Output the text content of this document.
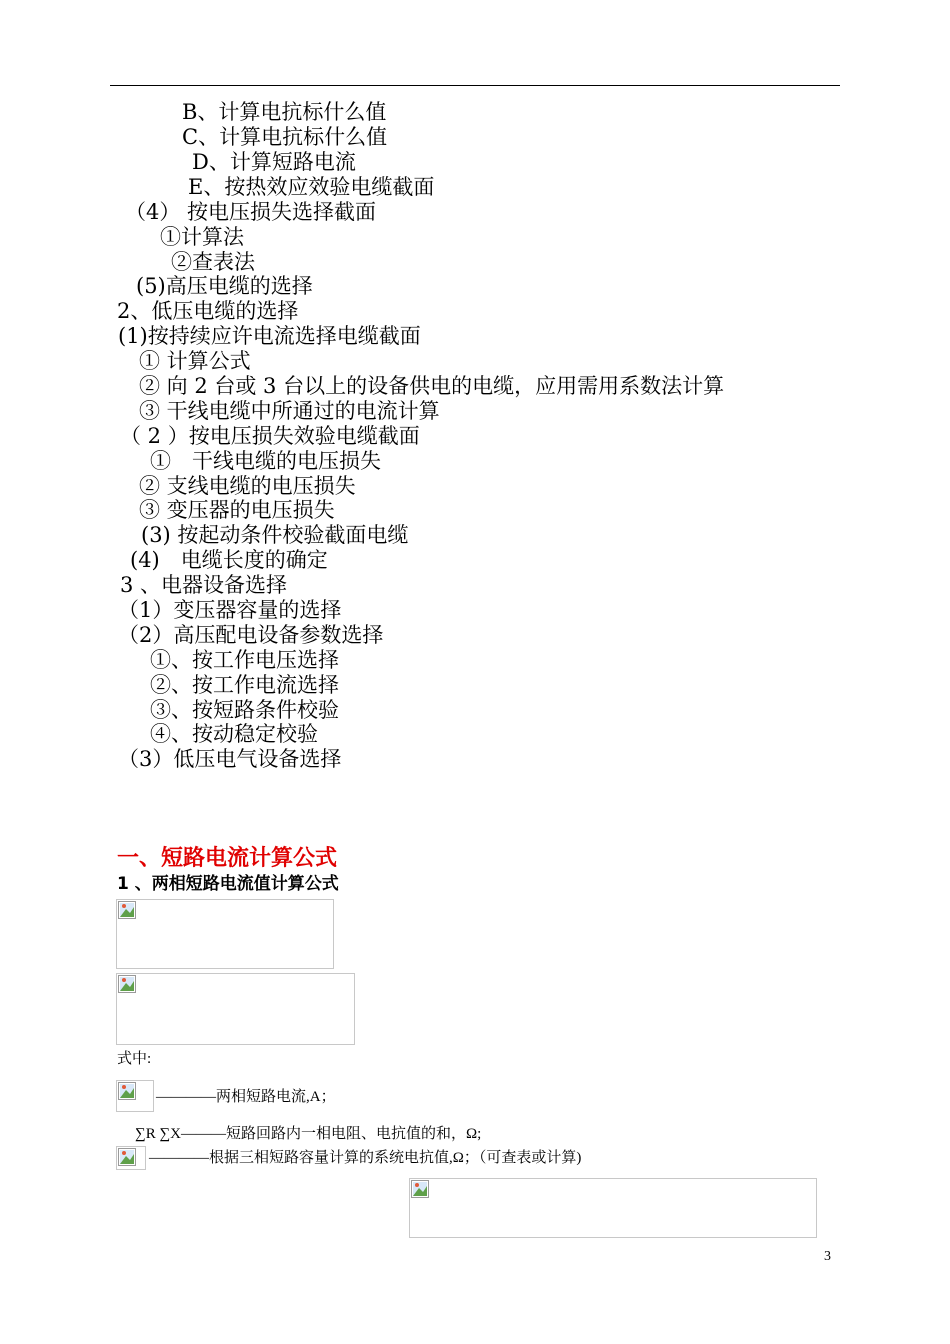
B、计算电抗标什么值
C、计算电抗标什么值
D、计算短路电流
E、按热效应效验电缆截面
（4） 按电压损失选择截面
①计算法
②查表法
(5)高压电缆的选择
2、低压电缆的选择
(1)按持续应许电流选择电缆截面
① 计算公式
② 向 2 台或 3 台以上的设备供电的电缆，应用需用系数法计算
③ 干线电缆中所通过的电流计算
（ 2 ）按电压损失效验电缆截面
①　干线电缆的电压损失
② 支线电缆的电压损失
③ 变压器的电压损失
(3) 按起动条件校验截面电缆
(4)　电缆长度的确定
3 、电器设备选择
（1）变压器容量的选择
（2）高压配电设备参数选择
①、按工作电压选择
②、按工作电流选择
③、按短路条件校验
④、按动稳定校验
（3）低压电气设备选择
一、短路电流计算公式
1 、两相短路电流值计算公式
式中:
————两相短路电流,A；
∑R ∑X———短路回路内一相电阻、电抗值的和，Ω;
————根据三相短路容量计算的系统电抗值,Ω；（可查表或计算)
3
